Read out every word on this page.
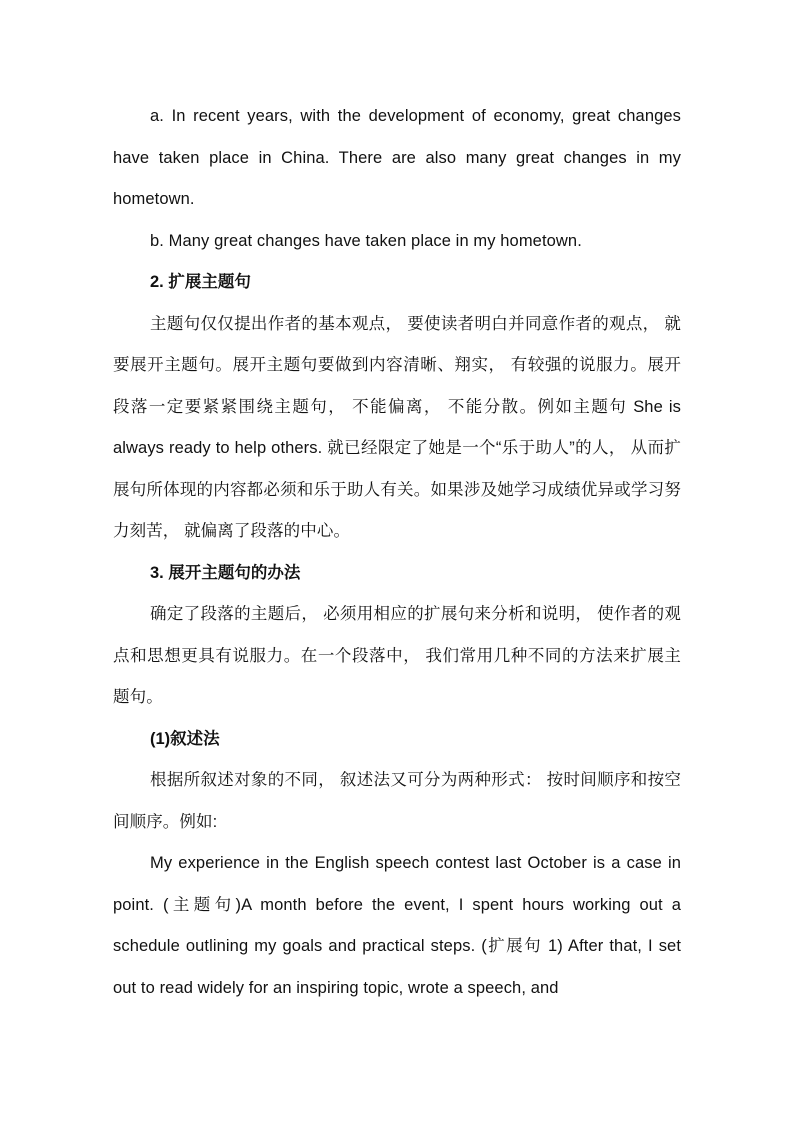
a. In recent years, with the development of economy, great changes have taken place in China. There are also many great changes in my hometown.

b. Many great changes have taken place in my hometown.

2. 扩展主题句

主题句仅仅提出作者的基本观点， 要使读者明白并同意作者的观点， 就要展开主题句。展开主题句要做到内容清晰、翔实， 有较强的说服力。展开段落一定要紧紧围绕主题句， 不能偏离， 不能分散。例如主题句 She is always ready to help others. 就已经限定了她是一个“乐于助人”的人， 从而扩展句所体现的内容都必须和乐于助人有关。如果涉及她学习成绩优异或学习努力刻苦， 就偏离了段落的中心。

3. 展开主题句的办法

确定了段落的主题后， 必须用相应的扩展句来分析和说明， 使作者的观点和思想更具有说服力。在一个段落中， 我们常用几种不同的方法来扩展主题句。

(1)叙述法

根据所叙述对象的不同， 叙述法又可分为两种形式： 按时间顺序和按空间顺序。例如:

My experience in the English speech contest last October is a case in point. (主题句)A month before the event, I spent hours working out a schedule outlining my goals and practical steps. (扩展句 1) After that, I set out to read widely for an inspiring topic, wrote a speech, and
